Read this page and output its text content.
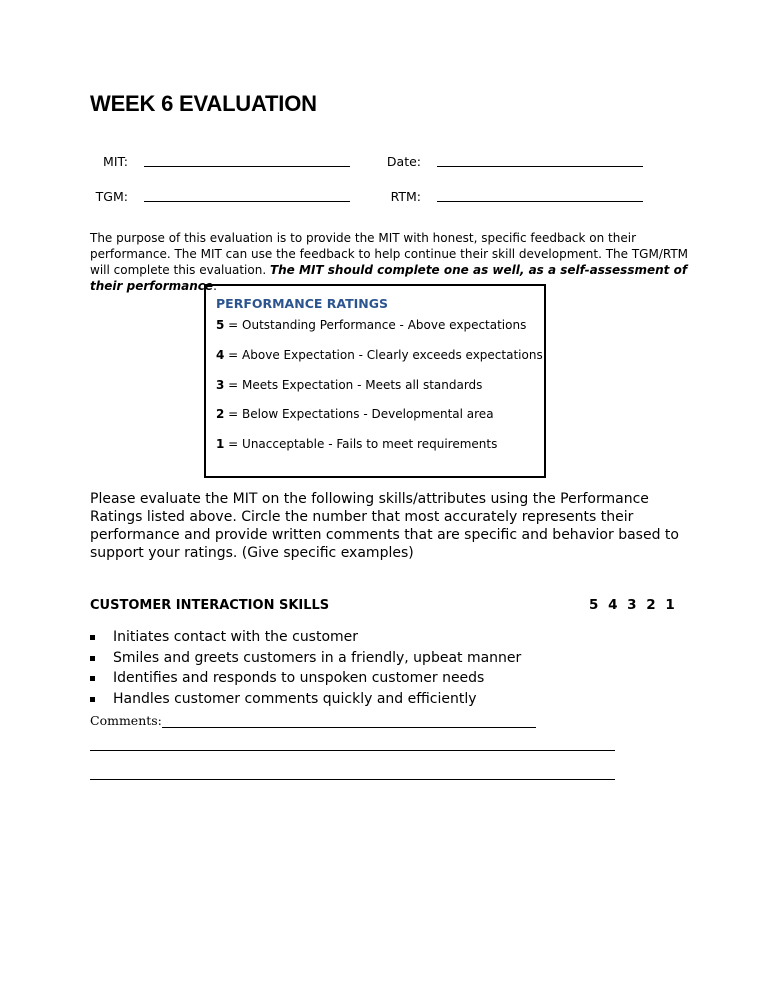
WEEK 6 EVALUATION
MIT:	Date:
TGM:	RTM:

The purpose of this evaluation is to provide the MIT with honest, specific feedback on their performance. The MIT can use the feedback to help continue their skill development. The TGM/RTM will complete this evaluation. The MIT should complete one as well, as a self-assessment of their performance.

PERFORMANCE RATINGS
5 = Outstanding Performance - Above expectations
4 = Above Expectation - Clearly exceeds expectations
3 = Meets Expectation - Meets all standards
2 = Below Expectations - Developmental area
1 = Unacceptable - Fails to meet requirements

Please evaluate the MIT on the following skills/attributes using the Performance Ratings listed above. Circle the number that most accurately represents their performance and provide written comments that are specific and behavior based to support your ratings. (Give specific examples)

CUSTOMER INTERACTION SKILLS	5 4 3 2 1
Initiates contact with the customer
Smiles and greets customers in a friendly, upbeat manner
Identifies and responds to unspoken customer needs
Handles customer comments quickly and efficiently
Comments:
